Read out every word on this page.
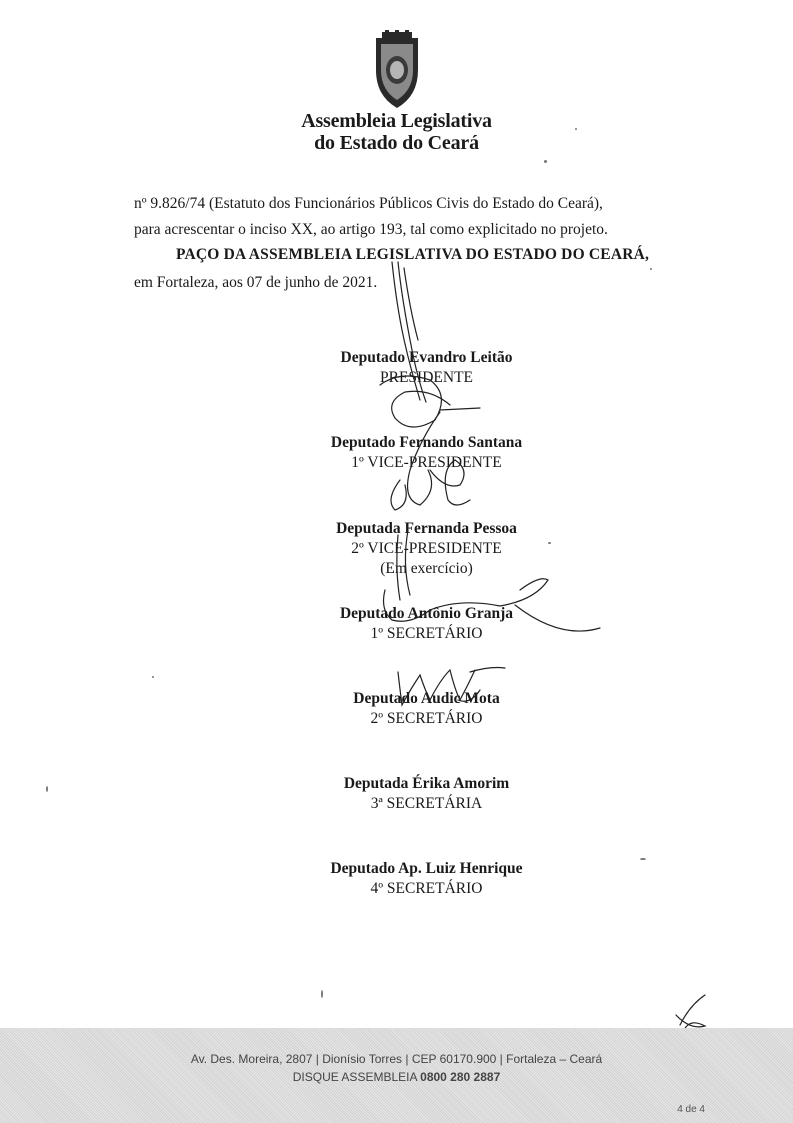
Assembleia Legislativa
do Estado do Ceará
nº 9.826/74 (Estatuto dos Funcionários Públicos Civis do Estado do Ceará),
para acrescentar o inciso XX, ao artigo 193, tal como explicitado no projeto.
PAÇO DA ASSEMBLEIA LEGISLATIVA DO ESTADO DO CEARÁ,
em Fortaleza, aos 07 de junho de 2021.
Deputado Evandro Leitão
PRESIDENTE
Deputado Fernando Santana
1º VICE-PRESIDENTE
Deputada Fernanda Pessoa
2º VICE-PRESIDENTE
(Em exercício)
Deputado Antônio Granja
1º SECRETÁRIO
Deputado Audic Mota
2º SECRETÁRIO
Deputada Érika Amorim
3ª SECRETÁRIA
Deputado Ap. Luiz Henrique
4º SECRETÁRIO
Av. Des. Moreira, 2807 | Dionísio Torres | CEP 60170.900 | Fortaleza – Ceará
DISQUE ASSEMBLEIA 0800 280 2887
4 de 4
